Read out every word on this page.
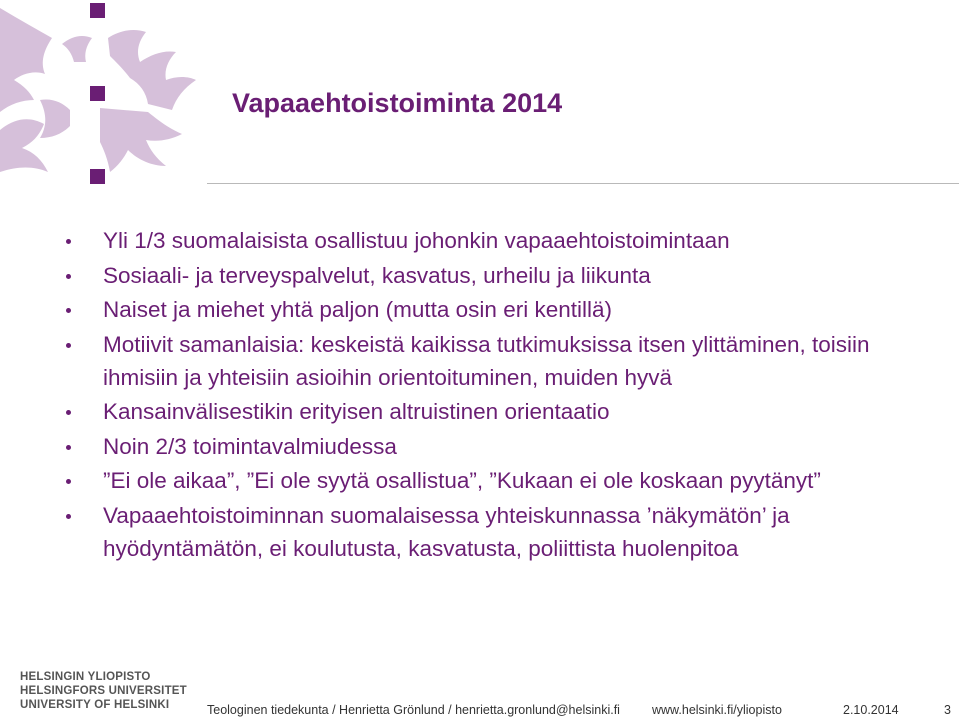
Vapaaehtoistoiminta 2014
Yli 1/3 suomalaisista osallistuu johonkin vapaaehtoistoimintaan
Sosiaali- ja terveyspalvelut, kasvatus, urheilu ja liikunta
Naiset ja miehet yhtä paljon (mutta osin eri kentillä)
Motiivit samanlaisia: keskeistä kaikissa tutkimuksissa itsen ylittäminen, toisiin ihmisiin ja yhteisiin asioihin orientoituminen, muiden hyvä
Kansainvälisestikin erityisen altruistinen orientaatio
Noin 2/3 toimintavalmiudessa
”Ei ole aikaa”, ”Ei ole syytä osallistua”, ”Kukaan ei ole koskaan pyytänyt”
Vapaaehtoistoiminnan suomalaisessa yhteiskunnassa ’näkymätön’ ja hyödyntämätön, ei koulutusta, kasvatusta, poliittista huolenpitoa
HELSINGIN YLIOPISTO
HELSINGFORS UNIVERSITET
UNIVERSITY OF HELSINKI	Teologinen tiedekunta / Henrietta Grönlund / henrietta.gronlund@helsinki.fi	www.helsinki.fi/yliopisto	2.10.2014	3
